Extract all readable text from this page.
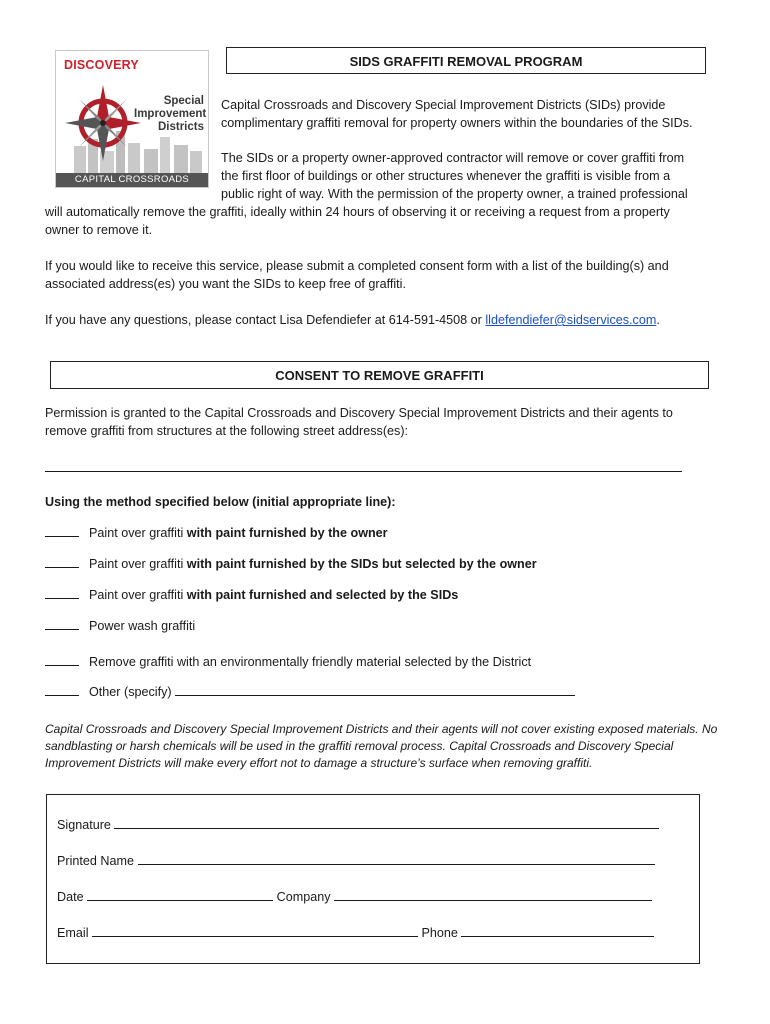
DISCOVERY
Special
Improvement
Districts
CAPITAL CROSSROADS
SIDS GRAFFITI REMOVAL PROGRAM
Capital Crossroads and Discovery Special Improvement Districts (SIDs) provide
complimentary graffiti removal for property owners within the boundaries of the SIDs.
The SIDs or a property owner-approved contractor will remove or cover graffiti from
the first floor of buildings or other structures whenever the graffiti is visible from a
public right of way. With the permission of the property owner, a trained professional
will automatically remove the graffiti, ideally within 24 hours of observing it or receiving a request from a property
owner to remove it.
If you would like to receive this service, please submit a completed consent form with a list of the building(s) and
associated address(es) you want the SIDs to keep free of graffiti.
If you have any questions, please contact Lisa Defendiefer at 614-591-4508 or lldefendiefer@sidservices.com.
CONSENT TO REMOVE GRAFFITI
Permission is granted to the Capital Crossroads and Discovery Special Improvement Districts and their agents to
remove graffiti from structures at the following street address(es):
Using the method specified below (initial appropriate line):
Paint over graffiti with paint furnished by the owner
Paint over graffiti with paint furnished by the SIDs but selected by the owner
Paint over graffiti with paint furnished and selected by the SIDs
Power wash graffiti
Remove graffiti with an environmentally friendly material selected by the District
Other (specify)
Capital Crossroads and Discovery Special Improvement Districts and their agents will not cover existing exposed materials. No
sandblasting or harsh chemicals will be used in the graffiti removal process. Capital Crossroads and Discovery Special
Improvement Districts will make every effort not to damage a structure’s surface when removing graffiti.
Signature
Printed Name
Date	Company
Email	Phone
